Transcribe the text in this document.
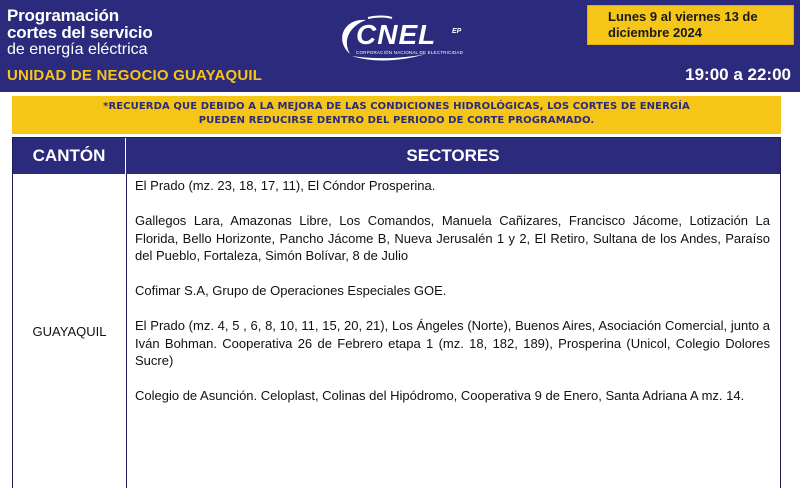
Programación
cortes del servicio
de energía eléctrica	CNEL EP
CORPORACIÓN NACIONAL DE ELECTRICIDAD
Lunes 9 al viernes 13 de
diciembre 2024
UNIDAD DE NEGOCIO GUAYAQUIL	19:00 a 22:00
*RECUERDA QUE DEBIDO A LA MEJORA DE LAS CONDICIONES HIDROLÓGICAS, LOS CORTES DE ENERGÍA
PUEDEN REDUCIRSE DENTRO DEL PERIODO DE CORTE PROGRAMADO.
CANTÓN	SECTORES
GUAYAQUIL

El Prado (mz. 23, 18, 17, 11), El Cóndor Prosperina.

Gallegos Lara, Amazonas Libre, Los Comandos, Manuela Cañizares, Francisco Jácome, Lotización La Florida, Bello Horizonte, Pancho Jácome B, Nueva Jerusalén 1 y 2, El Retiro, Sultana de los Andes, Paraíso del Pueblo, Fortaleza, Simón Bolívar, 8 de Julio

Cofimar S.A, Grupo de Operaciones Especiales GOE.

El Prado (mz. 4, 5 , 6, 8, 10, 11, 15, 20, 21), Los Ángeles (Norte), Buenos Aires, Asociación Comercial, junto a Iván Bohman. Cooperativa 26 de Febrero etapa 1 (mz. 18, 182, 189), Prosperina (Unicol, Colegio Dolores Sucre)

Colegio de Asunción. Celoplast, Colinas del Hipódromo, Cooperativa 9 de Enero, Santa Adriana A mz. 14.
